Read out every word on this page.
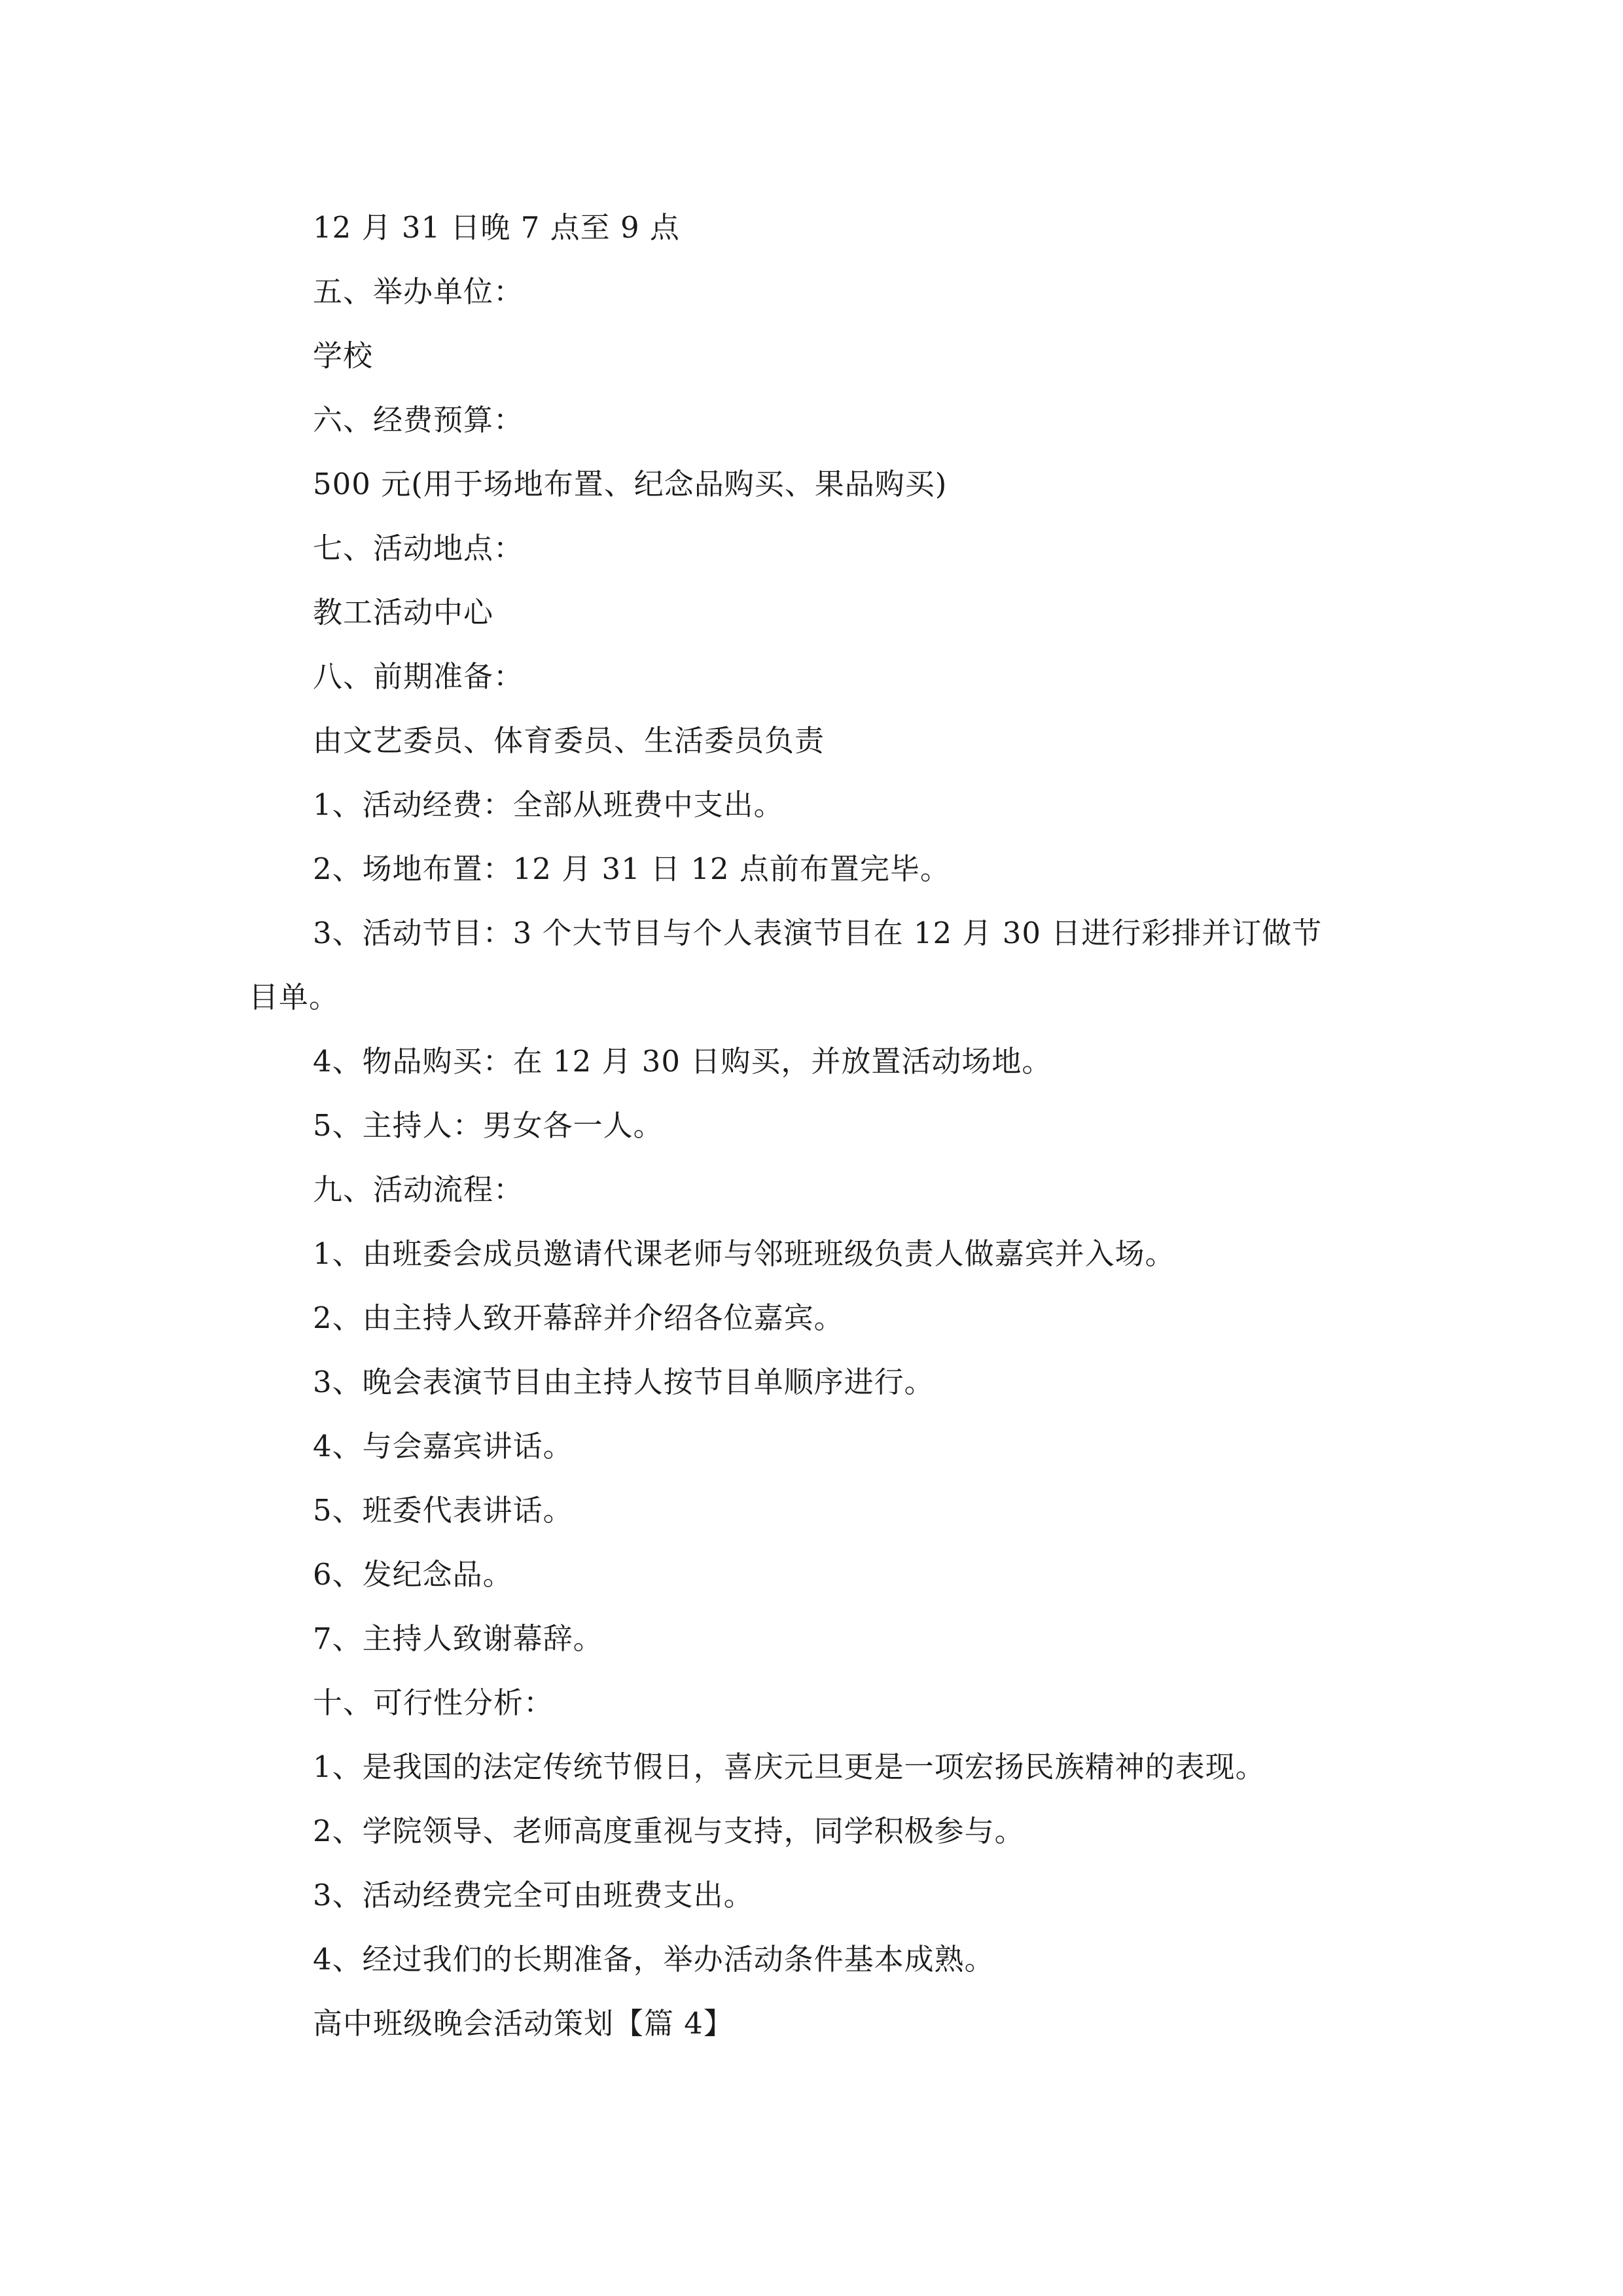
12 月 31 日晚 7 点至 9 点
五、举办单位：
学校
六、经费预算：
500 元(用于场地布置、纪念品购买、果品购买)
七、活动地点：
教工活动中心
八、前期准备：
由文艺委员、体育委员、生活委员负责
1、活动经费：全部从班费中支出。
2、场地布置：12 月 31 日 12 点前布置完毕。
3、活动节目：3 个大节目与个人表演节目在 12 月 30 日进行彩排并订做节
目单。
4、物品购买：在 12 月 30 日购买，并放置活动场地。
5、主持人：男女各一人。
九、活动流程：
1、由班委会成员邀请代课老师与邻班班级负责人做嘉宾并入场。
2、由主持人致开幕辞并介绍各位嘉宾。
3、晚会表演节目由主持人按节目单顺序进行。
4、与会嘉宾讲话。
5、班委代表讲话。
6、发纪念品。
7、主持人致谢幕辞。
十、可行性分析：
1、是我国的法定传统节假日，喜庆元旦更是一项宏扬民族精神的表现。
2、学院领导、老师高度重视与支持，同学积极参与。
3、活动经费完全可由班费支出。
4、经过我们的长期准备，举办活动条件基本成熟。
高中班级晚会活动策划【篇 4】
